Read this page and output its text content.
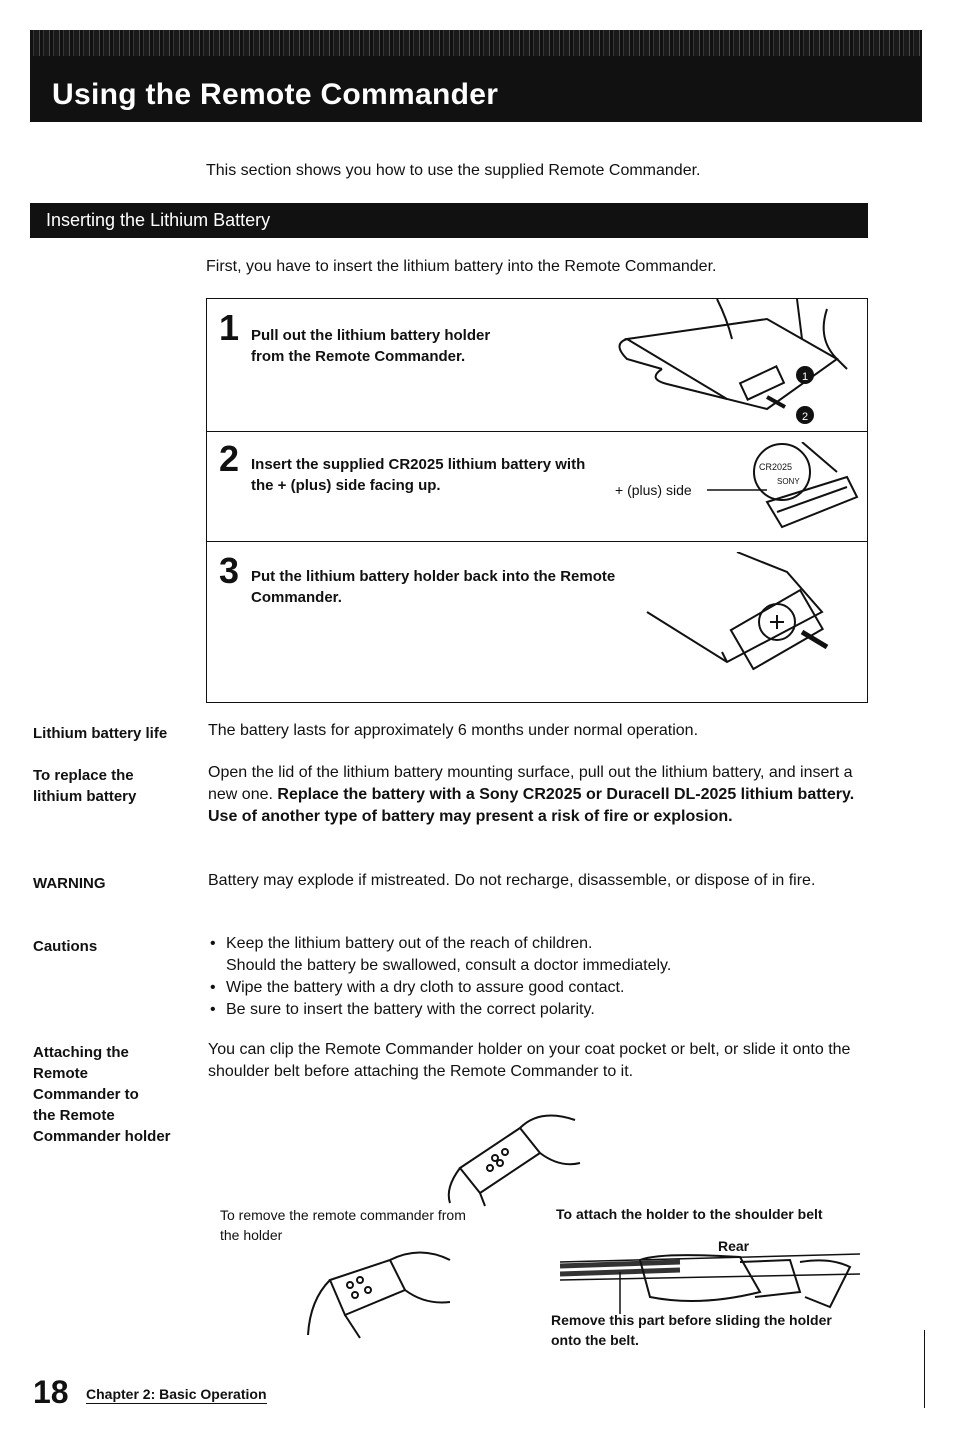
Using the Remote Commander
This section shows you how to use the supplied Remote Commander.
Inserting the Lithium Battery
First, you have to insert the lithium battery into the Remote Commander.
1 Pull out the lithium battery holder
from the Remote Commander.
1
2
2 Insert the supplied CR2025 lithium battery with
the + (plus) side facing up.	+ (plus) side
CR2025
SONY
3 Put the lithium battery holder back into the Remote
Commander.
Lithium battery life	The battery lasts for approximately 6 months under normal operation.
To replace the
lithium battery
Open the lid of the lithium battery mounting surface, pull out the lithium battery, and insert a new one. Replace the battery with a Sony CR2025 or Duracell DL-2025 lithium battery. Use of another type of battery may present a risk of fire or explosion.
WARNING	Battery may explode if mistreated. Do not recharge, disassemble, or dispose of in fire.
Cautions
•	Keep the lithium battery out of the reach of children.
Should the battery be swallowed, consult a doctor immediately.
• Wipe the battery with a dry cloth to assure good contact.
• Be sure to insert the battery with the correct polarity.
Attaching the
Remote
Commander to
the Remote
Commander holder
You can clip the Remote Commander holder on your coat pocket or belt, or slide it onto the shoulder belt before attaching the Remote Commander to it.
To remove the remote commander from
the holder
To attach the holder to the shoulder belt
Rear
Remove this part before sliding the holder
onto the belt.
18 Chapter 2: Basic Operation
